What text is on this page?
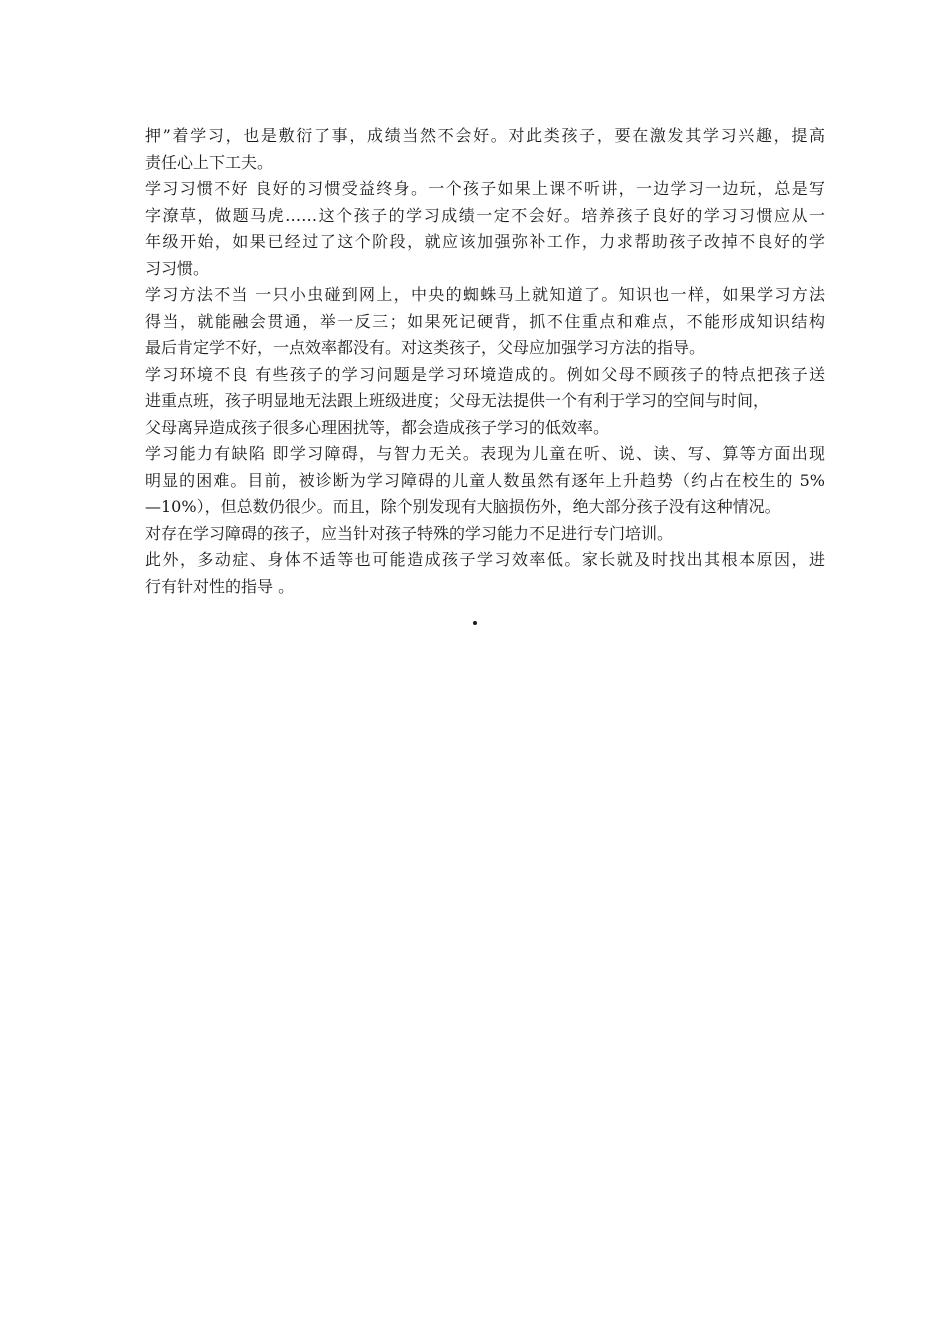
押”着学习，也是敷衍了事，成绩当然不会好。对此类孩子，要在激发其学习兴趣，提高
责任心上下工夫。
学习习惯不好 良好的习惯受益终身。一个孩子如果上课不听讲，一边学习一边玩，总是写
字潦草，做题马虎……这个孩子的学习成绩一定不会好。培养孩子良好的学习习惯应从一
年级开始，如果已经过了这个阶段，就应该加强弥补工作，力求帮助孩子改掉不良好的学
习习惯。
学习方法不当 一只小虫碰到网上，中央的蜘蛛马上就知道了。知识也一样，如果学习方法
得当，就能融会贯通，举一反三；如果死记硬背，抓不住重点和难点，不能形成知识结构
最后肯定学不好，一点效率都没有。对这类孩子，父母应加强学习方法的指导。
学习环境不良 有些孩子的学习问题是学习环境造成的。例如父母不顾孩子的特点把孩子送
进重点班，孩子明显地无法跟上班级进度；父母无法提供一个有利于学习的空间与时间，
父母离异造成孩子很多心理困扰等，都会造成孩子学习的低效率。
学习能力有缺陷 即学习障碍，与智力无关。表现为儿童在听、说、读、写、算等方面出现
明显的困难。目前，被诊断为学习障碍的儿童人数虽然有逐年上升趋势（约占在校生的 5%
—10%），但总数仍很少。而且，除个别发现有大脑损伤外，绝大部分孩子没有这种情况。
对存在学习障碍的孩子，应当针对孩子特殊的学习能力不足进行专门培训。
此外，多动症、身体不适等也可能造成孩子学习效率低。家长就及时找出其根本原因，进
行有针对性的指导 。
